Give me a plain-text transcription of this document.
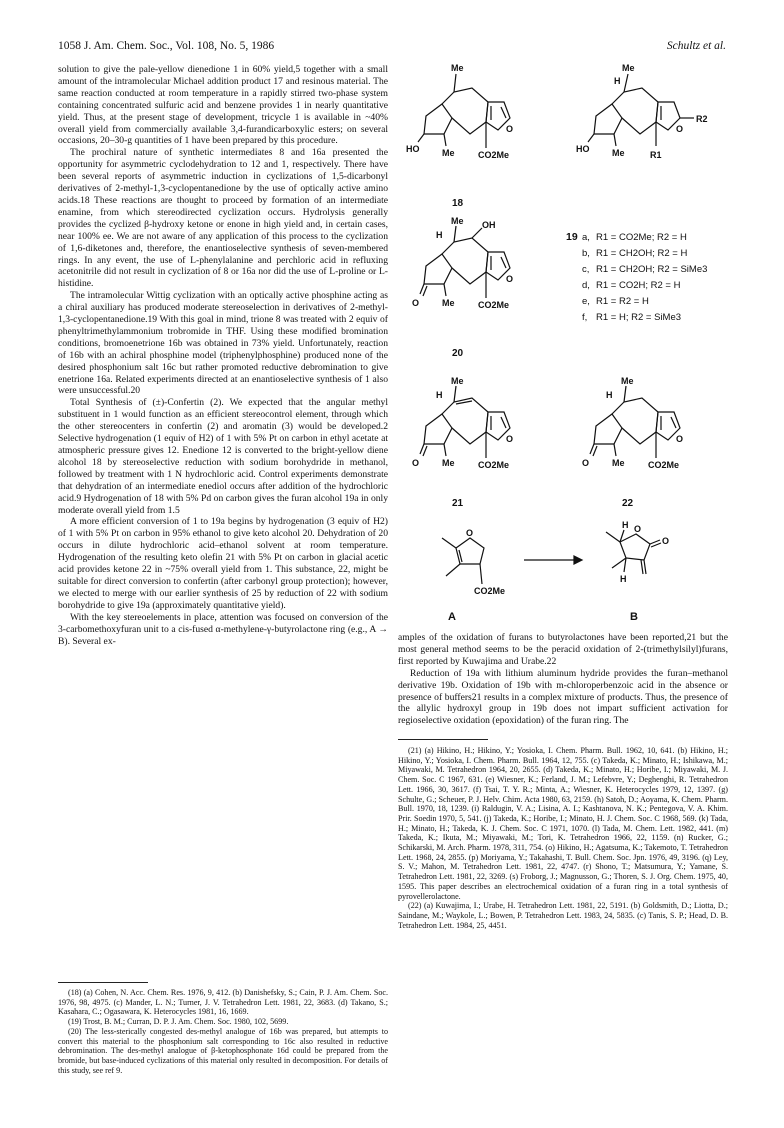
1058 J. Am. Chem. Soc., Vol. 108, No. 5, 1986	Schultz et al.

solution to give the pale-yellow dienedione 1 in 60% yield,5 together with a small amount of the intramolecular Michael addition product 17 and resinous material. The same reaction conducted at room temperature in a rapidly stirred two-phase system containing concentrated sulfuric acid and benzene provides 1 in nearly quantitative yield. Thus, at the present stage of development, tricycle 1 is available in ~40% overall yield from commercially available 3,4-furandicarboxylic esters; on several occasions, 20–30-g quantities of 1 have been prepared by this procedure.

The prochiral nature of synthetic intermediates 8 and 16a presented the opportunity for asymmetric cyclodehydration to 12 and 1, respectively. There have been several reports of asymmetric induction in cyclizations of 1,5-dicarbonyl derivatives of 2-methyl-1,3-cyclopentanedione by the use of optically active amino acids.18 These reactions are thought to proceed by formation of an intermediate enamine, from which stereodirected cyclization occurs. Hydrolysis generally provides the cyclized β-hydroxy ketone or enone in high yield and, in certain cases, near 100% ee. We are not aware of any application of this process to the cyclization of 1,6-diketones and, therefore, the enantioselective synthesis of seven-membered rings. In any event, the use of L-phenylalanine and perchloric acid in refluxing acetonitrile did not result in cyclization of 8 or 16a nor did the use of L-proline or L-histidine.

The intramolecular Wittig cyclization with an optically active phosphine acting as a chiral auxiliary has produced moderate stereoselection in derivatives of 2-methyl-1,3-cyclopentanedione.19 With this goal in mind, trione 8 was treated with 2 equiv of phenyltrimethylammonium trobromide in THF. Using these modified bromination conditions, bromoenetrione 16b was obtained in 73% yield. Unfortunately, reaction of 16b with an achiral phosphine model (triphenylphosphine) produced none of the desired phosphonium salt 16c but rather promoted reductive debromination to give enetrione 16a. Related experiments directed at an enantioselective synthesis of 1 also were unsuccessful.20

Total Synthesis of (±)-Confertin (2). We expected that the angular methyl substituent in 1 would function as an efficient stereocontrol element, through which the other stereocenters in confertin (2) and aromatin (3) would be developed.2 Selective hydrogenation (1 equiv of H2) of 1 with 5% Pt on carbon in ethyl acetate at atmospheric pressure gives 12. Enedione 12 is converted to the bright-yellow diene alcohol 18 by stereoselective reduction with sodium borohydride in methanol, followed by treatment with 1 N hydrochloric acid. Control experiments demonstrate that dehydration of an intermediate enediol occurs after addition of the hydrochloric acid.9 Hydrogenation of 18 with 5% Pd on carbon gives the furan alcohol 19a in only moderate overall yield from 1.5

A more efficient conversion of 1 to 19a begins by hydrogenation (3 equiv of H2) of 1 with 5% Pt on carbon in 95% ethanol to give keto alcohol 20. Dehydration of 20 occurs in dilute hydrochloric acid–ethanol solvent at room temperature. Hydrogenation of the resulting keto olefin 21 with 5% Pt on carbon in glacial acetic acid provides ketone 22 in ~75% overall yield from 1. This substance, 22, might be suitable for direct conversion to confertin (after carbonyl group protection); however, we elected to merge with our earlier synthesis of 25 by reduction of 22 with sodium borohydride to give 19a (approximately quantitative yield).

With the key stereoelements in place, attention was focused on conversion of the 3-carbomethoxyfuran unit to a cis-fused α-methylene-γ-butyrolactone ring (e.g., A → B). Several ex-

(18) (a) Cohen, N. Acc. Chem. Res. 1976, 9, 412. (b) Danishefsky, S.; Cain, P. J. Am. Chem. Soc. 1976, 98, 4975. (c) Mander, L. N.; Turner, J. V. Tetrahedron Lett. 1981, 22, 3683. (d) Takano, S.; Kasahara, C.; Ogasawara, K. Heterocycles 1981, 16, 1669.

(19) Trost, B. M.; Curran, D. P. J. Am. Chem. Soc. 1980, 102, 5699.

(20) The less-sterically congested des-methyl analogue of 16b was prepared, but attempts to convert this material to the phosphonium salt corresponding to 16c also resulted in reductive debromination. The des-methyl analogue of β-ketophosphonate 16d could be prepared from the bromide, but base-induced cyclizations of this material only resulted in decomposition. For details of this study, see ref 9.

Me
HO	Me
O
CO2Me
18
Me
H
HO	Me
O
R2
R1
19 a, R1 = CO2Me; R2 = H
b, R1 = CH2OH; R2 = H
c, R1 = CH2OH; R2 = SiMe3
d, R1 = CO2H; R2 = H
e, R1 = R2 = H
f, R1 = H; R2 = SiMe3
Me
H
OH
O	Me
O
CO2Me
20
Me
H
O	Me
O
CO2Me
21
Me
H
O	Me
O
CO2Me
22
O
CO2Me
A
O
O
H
H
B

amples of the oxidation of furans to butyrolactones have been reported,21 but the most general method seems to be the peracid oxidation of 2-(trimethylsilyl)furans, first reported by Kuwajima and Urabe.22

Reduction of 19a with lithium aluminum hydride provides the furan–methanol derivative 19b. Oxidation of 19b with m-chloroperbenzoic acid in the absence or presence of buffers21 results in a complex mixture of products. Thus, the presence of the allylic hydroxyl group in 19b does not impart sufficient activation for regioselective oxidation (epoxidation) of the furan ring. The

(21) (a) Hikino, H.; Hikino, Y.; Yosioka, I. Chem. Pharm. Bull. 1962, 10, 641. (b) Hikino, H.; Hikino, Y.; Yosioka, I. Chem. Pharm. Bull. 1964, 12, 755. (c) Takeda, K.; Minato, H.; Ishikawa, M.; Miyawaki, M. Tetrahedron 1964, 20, 2655. (d) Takeda, K.; Minato, H.; Horibe, I.; Miyawaki, M. J. Chem. Soc. C 1967, 631. (e) Wiesner, K.; Ferland, J. M.; Lefebvre, Y.; Deghenghi, R. Tetrahedron Lett. 1966, 30, 3617. (f) Tsai, T. Y. R.; Minta, A.; Wiesner, K. Heterocycles 1979, 12, 1397. (g) Schulte, G.; Scheuer, P. J. Helv. Chim. Acta 1980, 63, 2159. (h) Satoh, D.; Aoyama, K. Chem. Pharm. Bull. 1970, 18, 1239. (i) Raldugin, V. A.; Lisina, A. I.; Kashtanova, N. K.; Pentegova, V. A. Khim. Prir. Soedin 1970, 5, 541. (j) Takeda, K.; Horibe, I.; Minato, H. J. Chem. Soc. C 1968, 569. (k) Tada, H.; Minato, H.; Takeda, K. J. Chem. Soc. C 1971, 1070. (l) Tada, M. Chem. Lett. 1982, 441. (m) Takeda, K.; Ikuta, M.; Miyawaki, M.; Tori, K. Tetrahedron 1966, 22, 1159. (n) Rucker, G.; Schikarski, M. Arch. Pharm. 1978, 311, 754. (o) Hikino, H.; Agatsuma, K.; Takemoto, T. Tetrahedron Lett. 1968, 24, 2855. (p) Moriyama, Y.; Takahashi, T. Bull. Chem. Soc. Jpn. 1976, 49, 3196. (q) Ley, S. V.; Mahon, M. Tetrahedron Lett. 1981, 22, 4747. (r) Shono, T.; Matsumura, Y.; Yamane, S. Tetrahedron Lett. 1981, 22, 3269. (s) Froborg, J.; Magnusson, G.; Thoren, S. J. Org. Chem. 1975, 40, 1595. This paper describes an electrochemical oxidation of a furan ring in a total synthesis of pyrovellerolactone.

(22) (a) Kuwajima, I.; Urabe, H. Tetrahedron Lett. 1981, 22, 5191. (b) Goldsmith, D.; Liotta, D.; Saindane, M.; Waykole, L.; Bowen, P. Tetrahedron Lett. 1983, 24, 5835. (c) Tanis, S. P.; Head, D. B. Tetrahedron Lett. 1984, 25, 4451.
